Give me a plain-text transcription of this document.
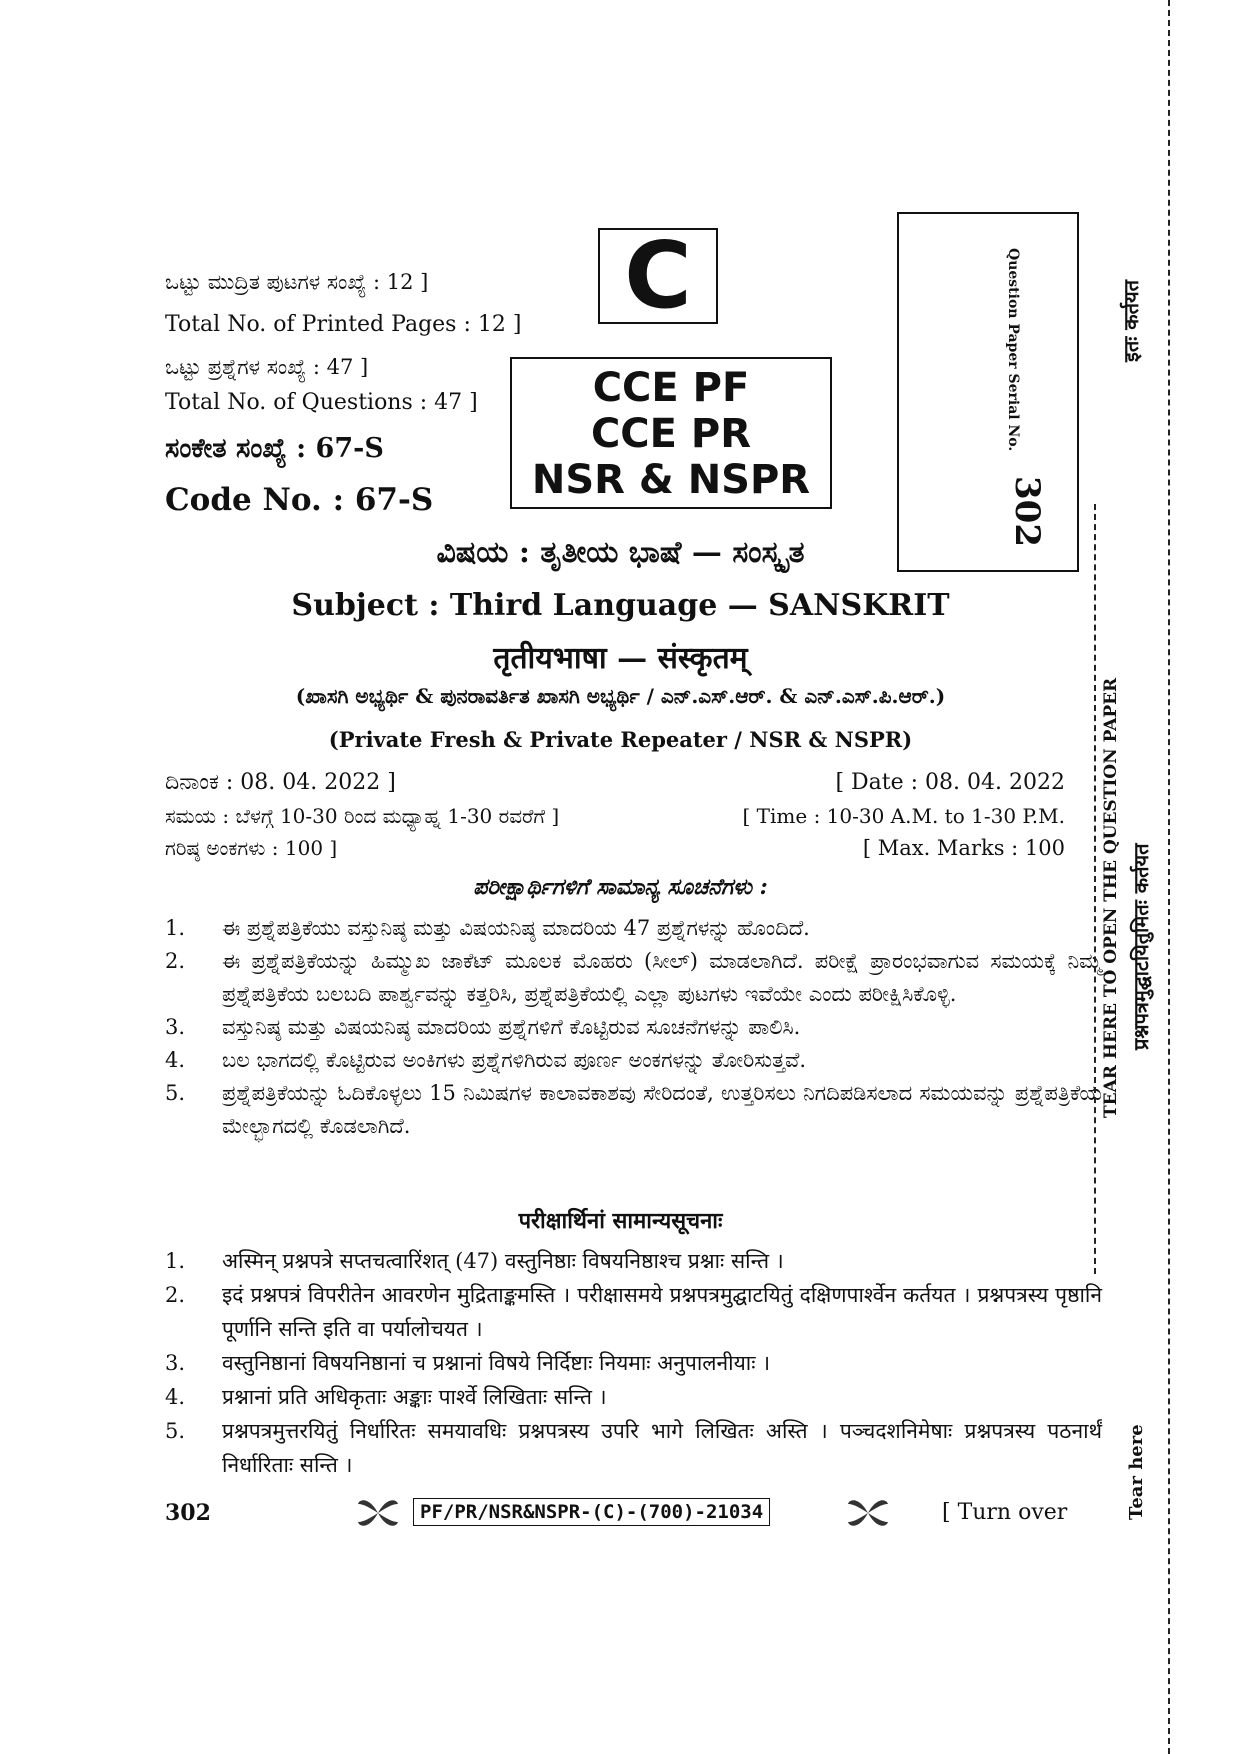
ಒಟ್ಟು ಮುದ್ರಿತ ಪುಟಗಳ ಸಂಖ್ಯೆ : 12 ]
Total No. of Printed Pages : 12 ]
ಒಟ್ಟು ಪ್ರಶ್ನೆಗಳ ಸಂಖ್ಯೆ : 47 ]
Total No. of Questions : 47 ]
ಸಂಕೇತ ಸಂಖ್ಯೆ : 67-S
Code No. : 67-S
C
CCE PF
CCE PR
NSR & NSPR
Question Paper Serial No.
302
ವಿಷಯ : ತೃತೀಯ ಭಾಷೆ — ಸಂಸ್ಕೃತ
Subject : Third Language — SANSKRIT
तृतीयभाषा — संस्कृतम्
(ಖಾಸಗಿ ಅಭ್ಯರ್ಥಿ & ಪುನರಾವರ್ತಿತ ಖಾಸಗಿ ಅಭ್ಯರ್ಥಿ / ಎನ್.ಎಸ್.ಆರ್. & ಎನ್.ಎಸ್.ಪಿ.ಆರ್.)
(Private Fresh & Private Repeater / NSR & NSPR)
ದಿನಾಂಕ : 08. 04. 2022 ]	[ Date : 08. 04. 2022
ಸಮಯ : ಬೆಳಗ್ಗೆ 10-30 ರಿಂದ ಮಧ್ಯಾಹ್ನ 1-30 ರವರೆಗೆ ]	[ Time : 10-30 A.M. to 1-30 P.M.
ಗರಿಷ್ಠ ಅಂಕಗಳು : 100 ]	[ Max. Marks : 100
ಪರೀಕ್ಷಾರ್ಥಿಗಳಿಗೆ ಸಾಮಾನ್ಯ ಸೂಚನೆಗಳು :
1.	ಈ ಪ್ರಶ್ನೆಪತ್ರಿಕೆಯು ವಸ್ತುನಿಷ್ಠ ಮತ್ತು ವಿಷಯನಿಷ್ಠ ಮಾದರಿಯ 47 ಪ್ರಶ್ನೆಗಳನ್ನು ಹೊಂದಿದೆ.
2.	ಈ ಪ್ರಶ್ನೆಪತ್ರಿಕೆಯನ್ನು ಹಿಮ್ಮುಖ ಜಾಕೆಟ್ ಮೂಲಕ ಮೊಹರು (ಸೀಲ್) ಮಾಡಲಾಗಿದೆ. ಪರೀಕ್ಷೆ ಪ್ರಾರಂಭವಾಗುವ ಸಮಯಕ್ಕೆ ನಿಮ್ಮ ಪ್ರಶ್ನೆಪತ್ರಿಕೆಯ ಬಲಬದಿ ಪಾರ್ಶ್ವವನ್ನು ಕತ್ತರಿಸಿ, ಪ್ರಶ್ನೆಪತ್ರಿಕೆಯಲ್ಲಿ ಎಲ್ಲಾ ಪುಟಗಳು ಇವೆಯೇ ಎಂದು ಪರೀಕ್ಷಿಸಿಕೊಳ್ಳಿ.
3.	ವಸ್ತುನಿಷ್ಠ ಮತ್ತು ವಿಷಯನಿಷ್ಠ ಮಾದರಿಯ ಪ್ರಶ್ನೆಗಳಿಗೆ ಕೊಟ್ಟಿರುವ ಸೂಚನೆಗಳನ್ನು ಪಾಲಿಸಿ.
4.	ಬಲ ಭಾಗದಲ್ಲಿ ಕೊಟ್ಟಿರುವ ಅಂಕಿಗಳು ಪ್ರಶ್ನೆಗಳಿಗಿರುವ ಪೂರ್ಣ ಅಂಕಗಳನ್ನು ತೋರಿಸುತ್ತವೆ.
5.	ಪ್ರಶ್ನೆಪತ್ರಿಕೆಯನ್ನು ಓದಿಕೊಳ್ಳಲು 15 ನಿಮಿಷಗಳ ಕಾಲಾವಕಾಶವು ಸೇರಿದಂತೆ, ಉತ್ತರಿಸಲು ನಿಗದಿಪಡಿಸಲಾದ ಸಮಯವನ್ನು ಪ್ರಶ್ನೆಪತ್ರಿಕೆಯ ಮೇಲ್ಭಾಗದಲ್ಲಿ ಕೊಡಲಾಗಿದೆ.
परीक्षार्थिनां सामान्यसूचनाः
1.	अस्मिन् प्रश्नपत्रे सप्तचत्वारिंशत् (47) वस्तुनिष्ठाः विषयनिष्ठाश्च प्रश्नाः सन्ति ।
2.	इदं प्रश्नपत्रं विपरीतेन आवरणेन मुद्रिताङ्कमस्ति । परीक्षासमये प्रश्नपत्रमुद्घाटयितुं दक्षिणपार्श्वेन कर्तयत । प्रश्नपत्रस्य पृष्ठानि पूर्णानि सन्ति इति वा पर्यालोचयत ।
3.	वस्तुनिष्ठानां विषयनिष्ठानां च प्रश्नानां विषये निर्दिष्टाः नियमाः अनुपालनीयाः ।
4.	प्रश्नानां प्रति अधिकृताः अङ्काः पार्श्वे लिखिताः सन्ति ।
5.	प्रश्नपत्रमुत्तरयितुं निर्धारितः समयावधिः प्रश्नपत्रस्य उपरि भागे लिखितः अस्ति । पञ्चदशनिमेषाः प्रश्नपत्रस्य पठनार्थं निर्धारिताः सन्ति ।
302	PF/PR/NSR&NSPR-(C)-(700)-21034	[ Turn over
इतः कर्तयत
TEAR HERE TO OPEN THE QUESTION PAPER प्रश्नपत्रमुद्घाटयितुमितः कर्तयत
Tear here
